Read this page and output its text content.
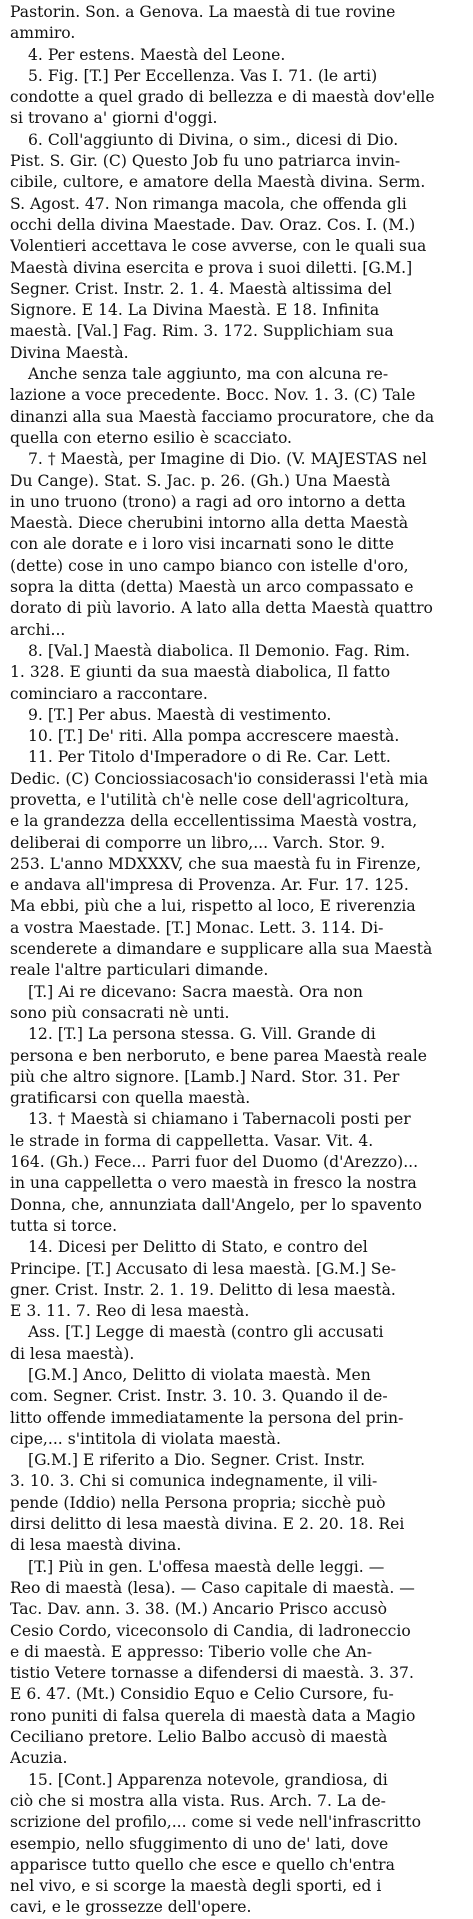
Pastorin. Son. a Genova. La maestà di tue rovine
ammiro.
4. Per estens. Maestà del Leone.
5. Fig. [T.] Per Eccellenza. Vas I. 71. (le arti)
condotte a quel grado di bellezza e di maestà dov'elle
si trovano a' giorni d'oggi.
6. Coll'aggiunto di Divina, o sim., dicesi di Dio.
Pist. S. Gir. (C) Questo Job fu uno patriarca invin-
cibile, cultore, e amatore della Maestà divina. Serm.
S. Agost. 47. Non rimanga macola, che offenda gli
occhi della divina Maestade. Dav. Oraz. Cos. I. (M.)
Volentieri accettava le cose avverse, con le quali sua
Maestà divina esercita e prova i suoi diletti. [G.M.]
Segner. Crist. Instr. 2. 1. 4. Maestà altissima del
Signore. E 14. La Divina Maestà. E 18. Infinita
maestà. [Val.] Fag. Rim. 3. 172. Supplichiam sua
Divina Maestà.
Anche senza tale aggiunto, ma con alcuna re-
lazione a voce precedente. Bocc. Nov. 1. 3. (C) Tale
dinanzi alla sua Maestà facciamo procuratore, che da
quella con eterno esilio è scacciato.
7. † Maestà, per Imagine di Dio. (V. MAJESTAS nel
Du Cange). Stat. S. Jac. p. 26. (Gh.) Una Maestà
in uno truono (trono) a ragi ad oro intorno a detta
Maestà. Diece cherubini intorno alla detta Maestà
con ale dorate e i loro visi incarnati sono le ditte
(dette) cose in uno campo bianco con istelle d'oro,
sopra la ditta (detta) Maestà un arco compassato e
dorato di più lavorio. A lato alla detta Maestà quattro
archi...
8. [Val.] Maestà diabolica. Il Demonio. Fag. Rim.
1. 328. E giunti da sua maestà diabolica, Il fatto
cominciaro a raccontare.
9. [T.] Per abus. Maestà di vestimento.
10. [T.] De' riti. Alla pompa accrescere maestà.
11. Per Titolo d'Imperadore o di Re. Car. Lett.
Dedic. (C) Conciossiacosach'io considerassi l'età mia
provetta, e l'utilità ch'è nelle cose dell'agricoltura,
e la grandezza della eccellentissima Maestà vostra,
deliberai di comporre un libro,... Varch. Stor. 9.
253. L'anno MDXXXV, che sua maestà fu in Firenze,
e andava all'impresa di Provenza. Ar. Fur. 17. 125.
Ma ebbi, più che a lui, rispetto al loco, E riverenzia
a vostra Maestade. [T.] Monac. Lett. 3. 114. Di-
scenderete a dimandare e supplicare alla sua Maestà
reale l'altre particulari dimande.
[T.] Ai re dicevano: Sacra maestà. Ora non
sono più consacrati nè unti.
12. [T.] La persona stessa. G. Vill. Grande di
persona e ben nerboruto, e bene parea Maestà reale
più che altro signore. [Lamb.] Nard. Stor. 31. Per
gratificarsi con quella maestà.
13. † Maestà si chiamano i Tabernacoli posti per
le strade in forma di cappelletta. Vasar. Vit. 4.
164. (Gh.) Fece... Parri fuor del Duomo (d'Arezzo)...
in una cappelletta o vero maestà in fresco la nostra
Donna, che, annunziata dall'Angelo, per lo spavento
tutta si torce.
14. Dicesi per Delitto di Stato, e contro del
Principe. [T.] Accusato di lesa maestà. [G.M.] Se-
gner. Crist. Instr. 2. 1. 19. Delitto di lesa maestà.
E 3. 11. 7. Reo di lesa maestà.
Ass. [T.] Legge di maestà (contro gli accusati
di lesa maestà).
[G.M.] Anco, Delitto di violata maestà. Men
com. Segner. Crist. Instr. 3. 10. 3. Quando il de-
litto offende immediatamente la persona del prin-
cipe,... s'intitola di violata maestà.
[G.M.] E riferito a Dio. Segner. Crist. Instr.
3. 10. 3. Chi si comunica indegnamente, il vili-
pende (Iddio) nella Persona propria; sicchè può
dirsi delitto di lesa maestà divina. E 2. 20. 18. Rei
di lesa maestà divina.
[T.] Più in gen. L'offesa maestà delle leggi. —
Reo di maestà (lesa). — Caso capitale di maestà. —
Tac. Dav. ann. 3. 38. (M.) Ancario Prisco accusò
Cesio Cordo, viceconsolo di Candia, di ladroneccio
e di maestà. E appresso: Tiberio volle che An-
tistio Vetere tornasse a difendersi di maestà. 3. 37.
E 6. 47. (Mt.) Considio Equo e Celio Cursore, fu-
rono puniti di falsa querela di maestà data a Magio
Ceciliano pretore. Lelio Balbo accusò di maestà
Acuzia.
15. [Cont.] Apparenza notevole, grandiosa, di
ciò che si mostra alla vista. Rus. Arch. 7. La de-
scrizione del profilo,... come si vede nell'infrascritto
esempio, nello sfuggimento di uno de' lati, dove
apparisce tutto quello che esce e quello ch'entra
nel vivo, e si scorge la maestà degli sporti, ed i
cavi, e le grossezze dell'opere.
